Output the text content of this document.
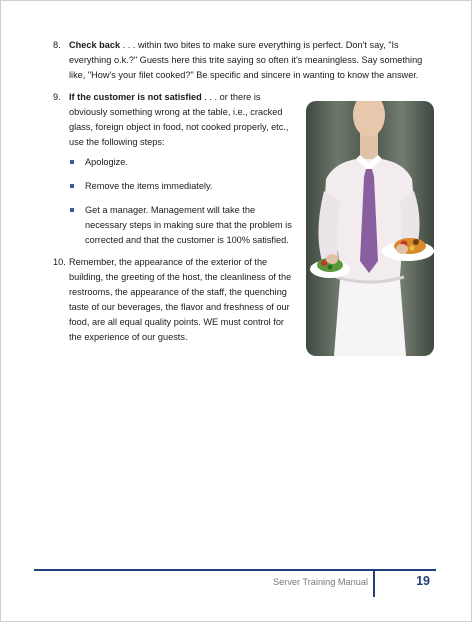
8. Check back . . . within two bites to make sure everything is perfect. Don't say, "Is everything o.k.?" Guests here this trite saying so often it's meaningless. Say something like, "How's your filet cooked?" Be specific and sincere in wanting to know the answer.
9. If the customer is not satisfied . . . or there is obviously something wrong at the table, i.e., cracked glass, foreign object in food, not cooked properly, etc., use the following steps:
Apologize.
Remove the items immediately.
Get a manager. Management will take the necessary steps in making sure that the problem is corrected and that the customer is 100% satisfied.
10. Remember, the appearance of the exterior of the building, the greeting of the host, the cleanliness of the restrooms, the appearance of the staff, the quenching taste of our beverages, the flavor and freshness of our food, are all equal quality points. WE must control for the experience of our guests.
Server Training Manual	19
